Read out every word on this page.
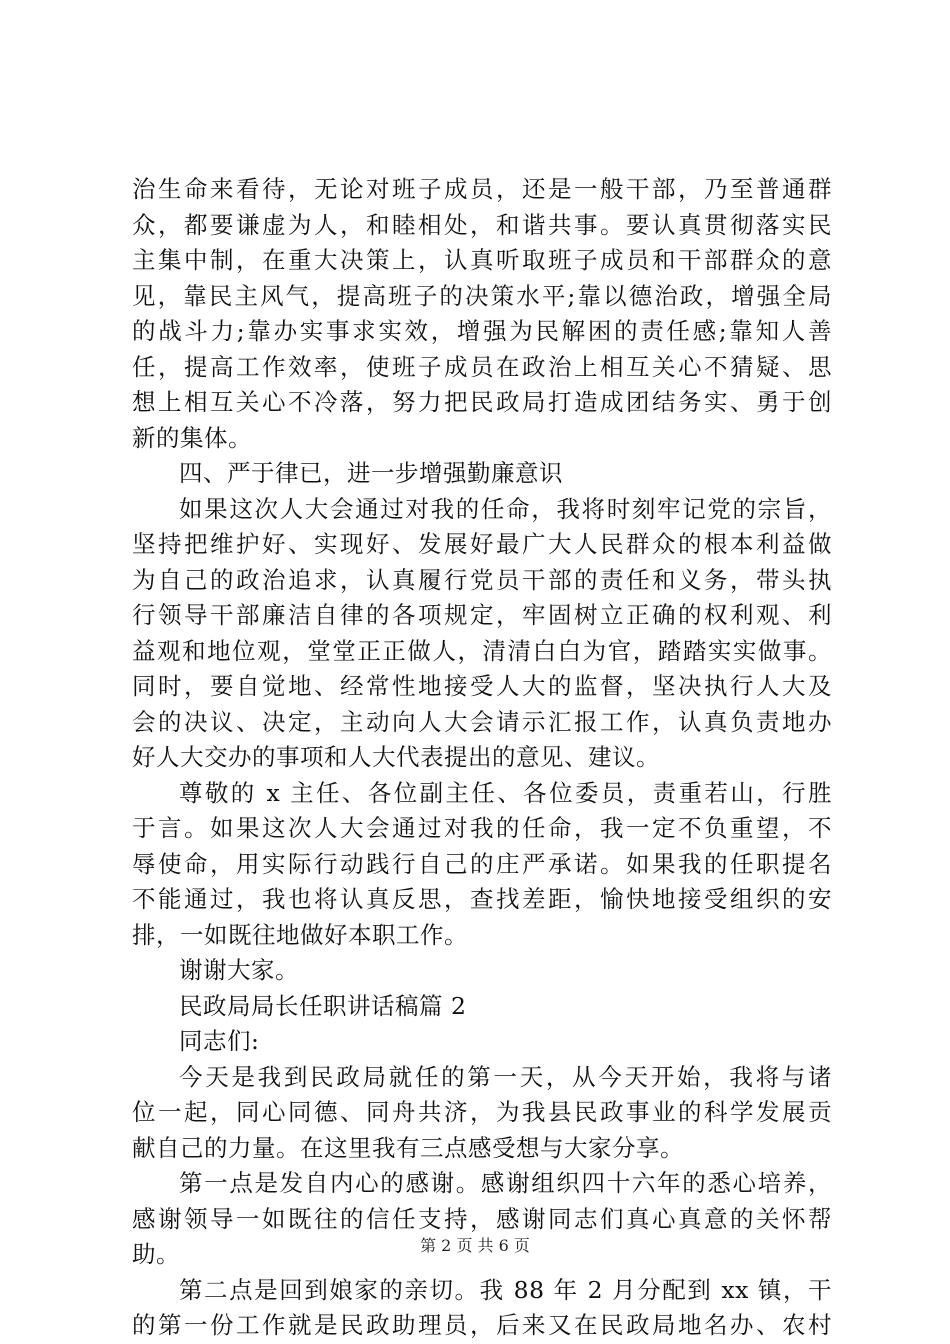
治生命来看待，无论对班子成员，还是一般干部，乃至普通群
众，都要谦虚为人，和睦相处，和谐共事。要认真贯彻落实民
主集中制，在重大决策上，认真听取班子成员和干部群众的意
见，靠民主风气，提高班子的决策水平;靠以德治政，增强全局
的战斗力;靠办实事求实效，增强为民解困的责任感;靠知人善
任，提高工作效率，使班子成员在政治上相互关心不猜疑、思
想上相互关心不冷落，努力把民政局打造成团结务实、勇于创
新的集体。
四、严于律已，进一步增强勤廉意识
如果这次人大会通过对我的任命，我将时刻牢记党的宗旨，
坚持把维护好、实现好、发展好最广大人民群众的根本利益做
为自己的政治追求，认真履行党员干部的责任和义务，带头执
行领导干部廉洁自律的各项规定，牢固树立正确的权利观、利
益观和地位观，堂堂正正做人，清清白白为官，踏踏实实做事。
同时，要自觉地、经常性地接受人大的监督，坚决执行人大及
会的决议、决定，主动向人大会请示汇报工作，认真负责地办
好人大交办的事项和人大代表提出的意见、建议。
尊敬的 x 主任、各位副主任、各位委员，责重若山，行胜
于言。如果这次人大会通过对我的任命，我一定不负重望，不
辱使命，用实际行动践行自己的庄严承诺。如果我的任职提名
不能通过，我也将认真反思，查找差距，愉快地接受组织的安
排，一如既往地做好本职工作。
谢谢大家。
民政局局长任职讲话稿篇 2
同志们:
今天是我到民政局就任的第一天，从今天开始，我将与诸
位一起，同心同德、同舟共济，为我县民政事业的科学发展贡
献自己的力量。在这里我有三点感受想与大家分享。
第一点是发自内心的感谢。感谢组织四十六年的悉心培养，
感谢领导一如既往的信任支持，感谢同志们真心真意的关怀帮
助。
第二点是回到娘家的亲切。我 88 年 2 月分配到 xx 镇，干
的第一份工作就是民政助理员，后来又在民政局地名办、农村
第 2 页 共 6 页
